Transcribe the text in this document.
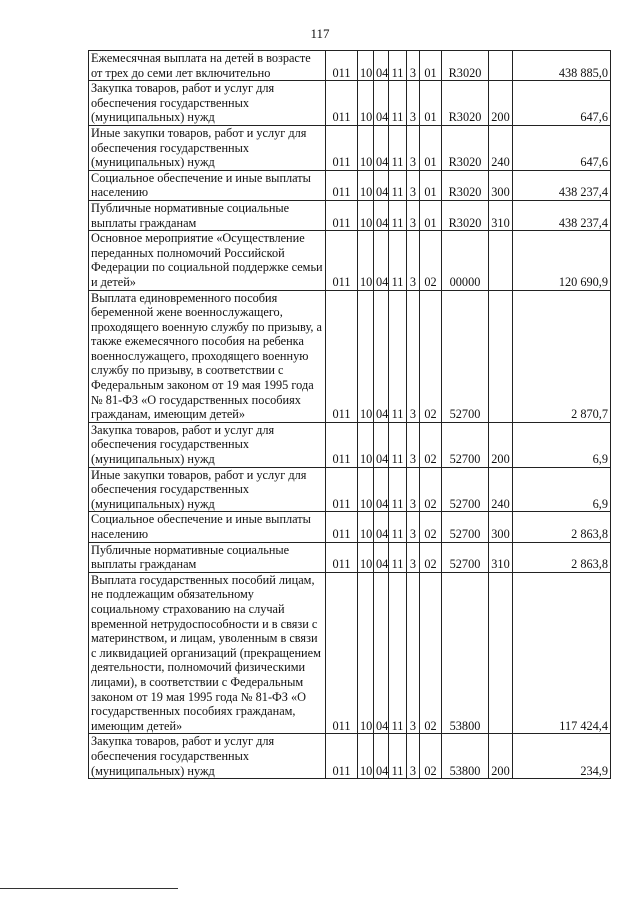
117
Ежемесячная выплата на детей в возрасте от трех до семи лет включительно	011	10	04	11	3	01	R3020		438 885,0
Закупка товаров, работ и услуг для обеспечения государственных (муниципальных) нужд	011	10	04	11	3	01	R3020	200	647,6
Иные закупки товаров, работ и услуг для обеспечения государственных (муниципальных) нужд	011	10	04	11	3	01	R3020	240	647,6
Социальное обеспечение и иные выплаты населению	011	10	04	11	3	01	R3020	300	438 237,4
Публичные нормативные социальные выплаты гражданам	011	10	04	11	3	01	R3020	310	438 237,4
Основное мероприятие «Осуществление переданных полномочий Российской Федерации по социальной поддержке семьи и детей»	011	10	04	11	3	02	00000		120 690,9
Выплата единовременного пособия беременной жене военнослужащего, проходящего военную службу по призыву, а также ежемесячного пособия на ребенка военнослужащего, проходящего военную службу по призыву, в соответствии с Федеральным законом от 19 мая 1995 года № 81-ФЗ «О государственных пособиях гражданам, имеющим детей»	011	10	04	11	3	02	52700		2 870,7
Закупка товаров, работ и услуг для обеспечения государственных (муниципальных) нужд	011	10	04	11	3	02	52700	200	6,9
Иные закупки товаров, работ и услуг для обеспечения государственных (муниципальных) нужд	011	10	04	11	3	02	52700	240	6,9
Социальное обеспечение и иные выплаты населению	011	10	04	11	3	02	52700	300	2 863,8
Публичные нормативные социальные выплаты гражданам	011	10	04	11	3	02	52700	310	2 863,8
Выплата государственных пособий лицам, не подлежащим обязательному социальному страхованию на случай временной нетрудоспособности и в связи с материнством, и лицам, уволенным в связи с ликвидацией организаций (прекращением деятельности, полномочий физическими лицами), в соответствии с Федеральным законом от 19 мая 1995 года № 81-ФЗ «О государственных пособиях гражданам, имеющим детей»	011	10	04	11	3	02	53800		117 424,4
Закупка товаров, работ и услуг для обеспечения государственных (муниципальных) нужд	011	10	04	11	3	02	53800	200	234,9
